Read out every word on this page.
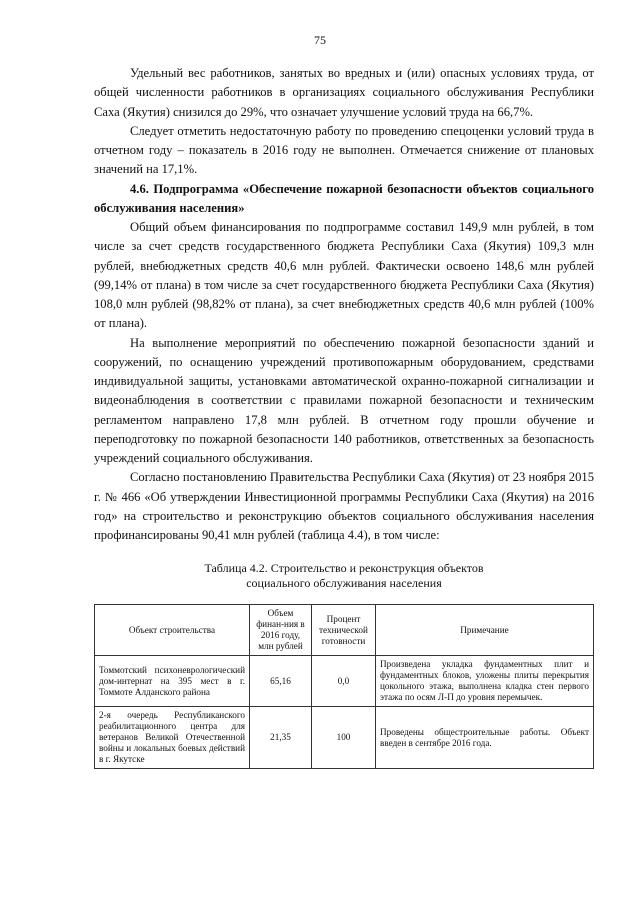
75

Удельный вес работников, занятых во вредных и (или) опасных условиях труда, от общей численности работников в организациях социального обслуживания Республики Саха (Якутия) снизился до 29%, что означает улучшение условий труда на 66,7%.

Следует отметить недостаточную работу по проведению спецоценки условий труда в отчетном году – показатель в 2016 году не выполнен. Отмечается снижение от плановых значений на 17,1%.

4.6. Подпрограмма «Обеспечение пожарной безопасности объектов социального обслуживания населения»

Общий объем финансирования по подпрограмме составил 149,9 млн рублей, в том числе за счет средств государственного бюджета Республики Саха (Якутия) 109,3 млн рублей, внебюджетных средств 40,6 млн рублей. Фактически освоено 148,6 млн рублей (99,14% от плана) в том числе за счет государственного бюджета Республики Саха (Якутия) 108,0 млн рублей (98,82% от плана), за счет внебюджетных средств 40,6 млн рублей (100% от плана).

На выполнение мероприятий по обеспечению пожарной безопасности зданий и сооружений, по оснащению учреждений противопожарным оборудованием, средствами индивидуальной защиты, установками автоматической охранно-пожарной сигнализации и видеонаблюдения в соответствии с правилами пожарной безопасности и техническим регламентом направлено 17,8 млн рублей. В отчетном году прошли обучение и переподготовку по пожарной безопасности 140 работников, ответственных за безопасность учреждений социального обслуживания.

Согласно постановлению Правительства Республики Саха (Якутия) от 23 ноября 2015 г. № 466 «Об утверждении Инвестиционной программы Республики Саха (Якутия) на 2016 год» на строительство и реконструкцию объектов социального обслуживания населения профинансированы 90,41 млн рублей (таблица 4.4), в том числе:

Таблица 4.2. Строительство и реконструкция объектов
социального обслуживания населения
Объект строительства	Объем финан-ния в 2016 году, млн рублей	Процент технической готовности	Примечание
Томмотский психоневрологический дом-интернат на 395 мест в г. Томмоте Алданского района	65,16	0,0	Произведена укладка фундаментных плит и фундаментных блоков, уложены плиты перекрытия цокольного этажа, выполнена кладка стен первого этажа по осям Л-П до уровня перемычек.
2-я очередь Республиканского реабилитационного центра для ветеранов Великой Отечественной войны и локальных боевых действий в г. Якутске	21,35	100	Проведены общестроительные работы. Объект введен в сентябре 2016 года.
